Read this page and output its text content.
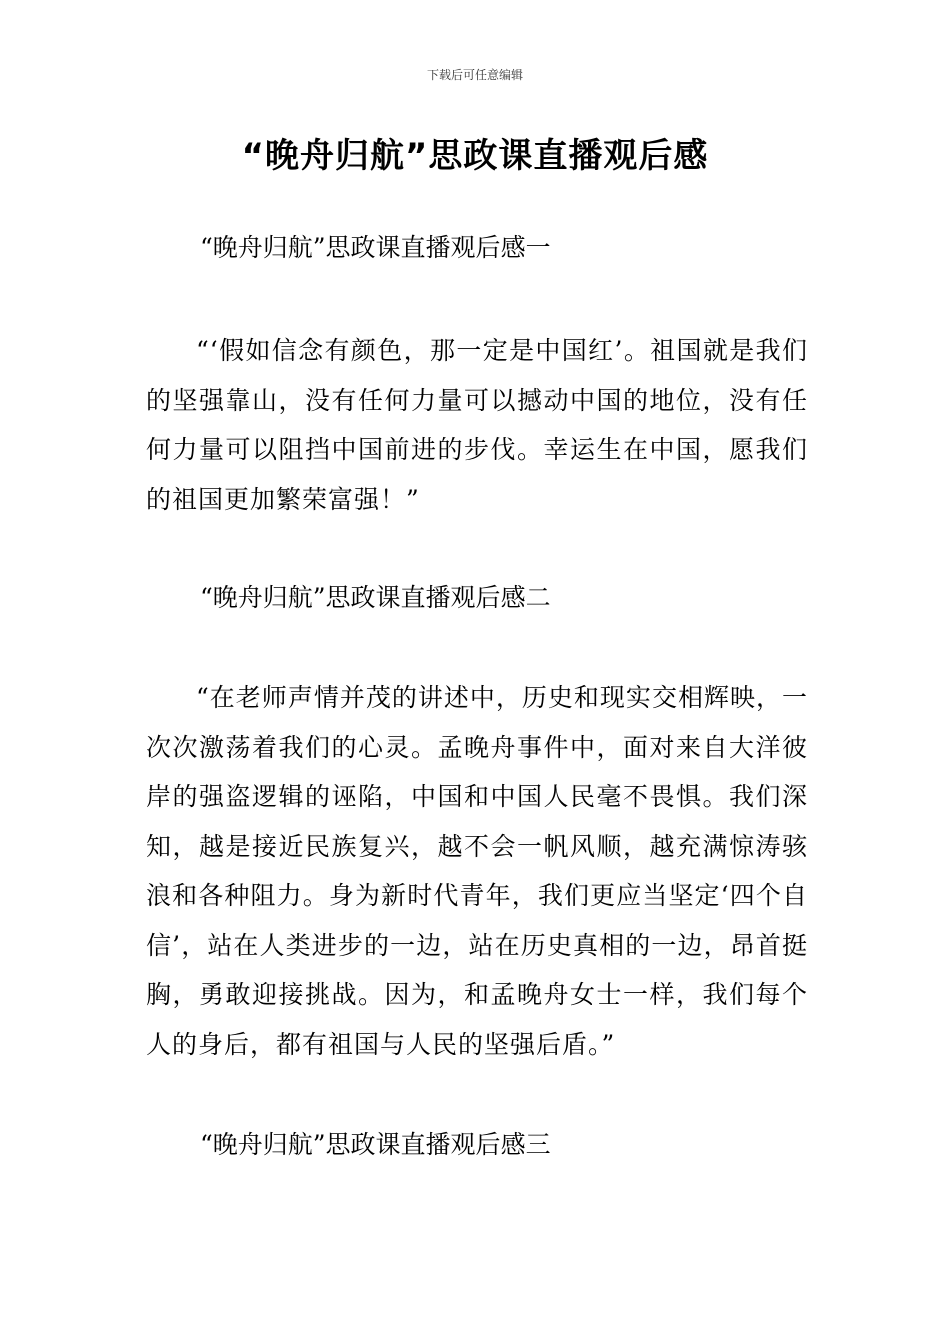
下载后可任意编辑
“晚舟归航”思政课直播观后感
“晚舟归航”思政课直播观后感一

“‘假如信念有颜色，那一定是中国红’。祖国就是我们的坚强靠山，没有任何力量可以撼动中国的地位，没有任何力量可以阻挡中国前进的步伐。幸运生在中国，愿我们的祖国更加繁荣富强！”

“晚舟归航”思政课直播观后感二

“在老师声情并茂的讲述中，历史和现实交相辉映，一次次激荡着我们的心灵。孟晚舟事件中，面对来自大洋彼岸的强盗逻辑的诬陷，中国和中国人民毫不畏惧。我们深知，越是接近民族复兴，越不会一帆风顺，越充满惊涛骇浪和各种阻力。身为新时代青年，我们更应当坚定‘四个自信’，站在人类进步的一边，站在历史真相的一边，昂首挺胸，勇敢迎接挑战。因为，和孟晚舟女士一样，我们每个人的身后，都有祖国与人民的坚强后盾。”

“晚舟归航”思政课直播观后感三
